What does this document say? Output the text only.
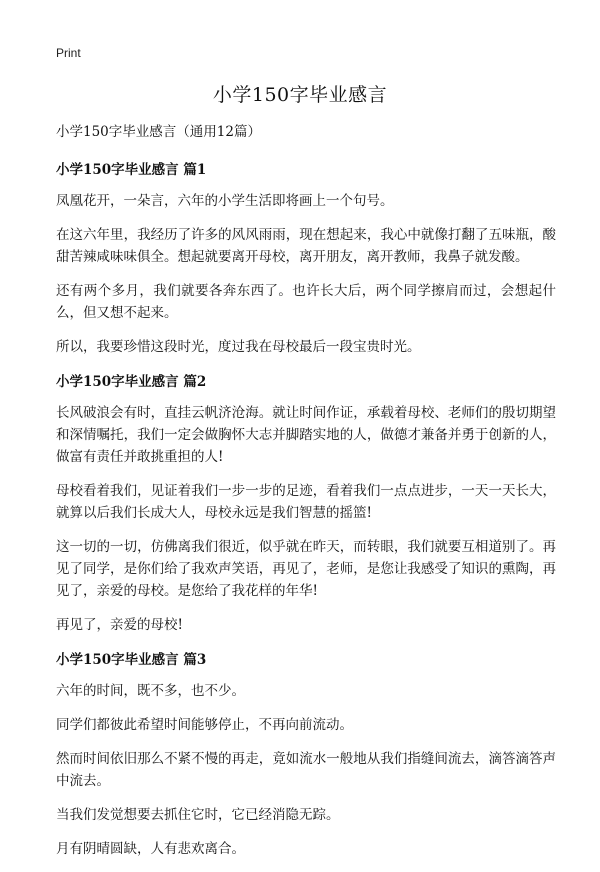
Print
小学150字毕业感言

小学150字毕业感言（通用12篇）

小学150字毕业感言 篇1

凤凰花开，一朵言，六年的小学生活即将画上一个句号。

在这六年里，我经历了许多的风风雨雨，现在想起来，我心中就像打翻了五味瓶，酸甜苦辣咸味味俱全。想起就要离开母校，离开朋友，离开教师，我鼻子就发酸。

还有两个多月，我们就要各奔东西了。也许长大后，两个同学擦肩而过，会想起什么，但又想不起来。

所以，我要珍惜这段时光，度过我在母校最后一段宝贵时光。

小学150字毕业感言 篇2

长风破浪会有时，直挂云帆济沧海。就让时间作证，承载着母校、老师们的殷切期望和深情嘱托，我们一定会做胸怀大志并脚踏实地的人，做德才兼备并勇于创新的人，做富有责任并敢挑重担的人!

母校看着我们，见证着我们一步一步的足迹，看着我们一点点进步，一天一天长大，就算以后我们长成大人，母校永远是我们智慧的摇篮!

这一切的一切，仿佛离我们很近，似乎就在昨天，而转眼，我们就要互相道别了。再见了同学，是你们给了我欢声笑语，再见了，老师，是您让我感受了知识的熏陶，再见了，亲爱的母校。是您给了我花样的年华!

再见了，亲爱的母校!

小学150字毕业感言 篇3

六年的时间，既不多，也不少。

同学们都彼此希望时间能够停止，不再向前流动。

然而时间依旧那么不紧不慢的再走，竟如流水一般地从我们指缝间流去，滴答滴答声中流去。

当我们发觉想要去抓住它时，它已经消隐无踪。

月有阴晴圆缺，人有悲欢离合。
